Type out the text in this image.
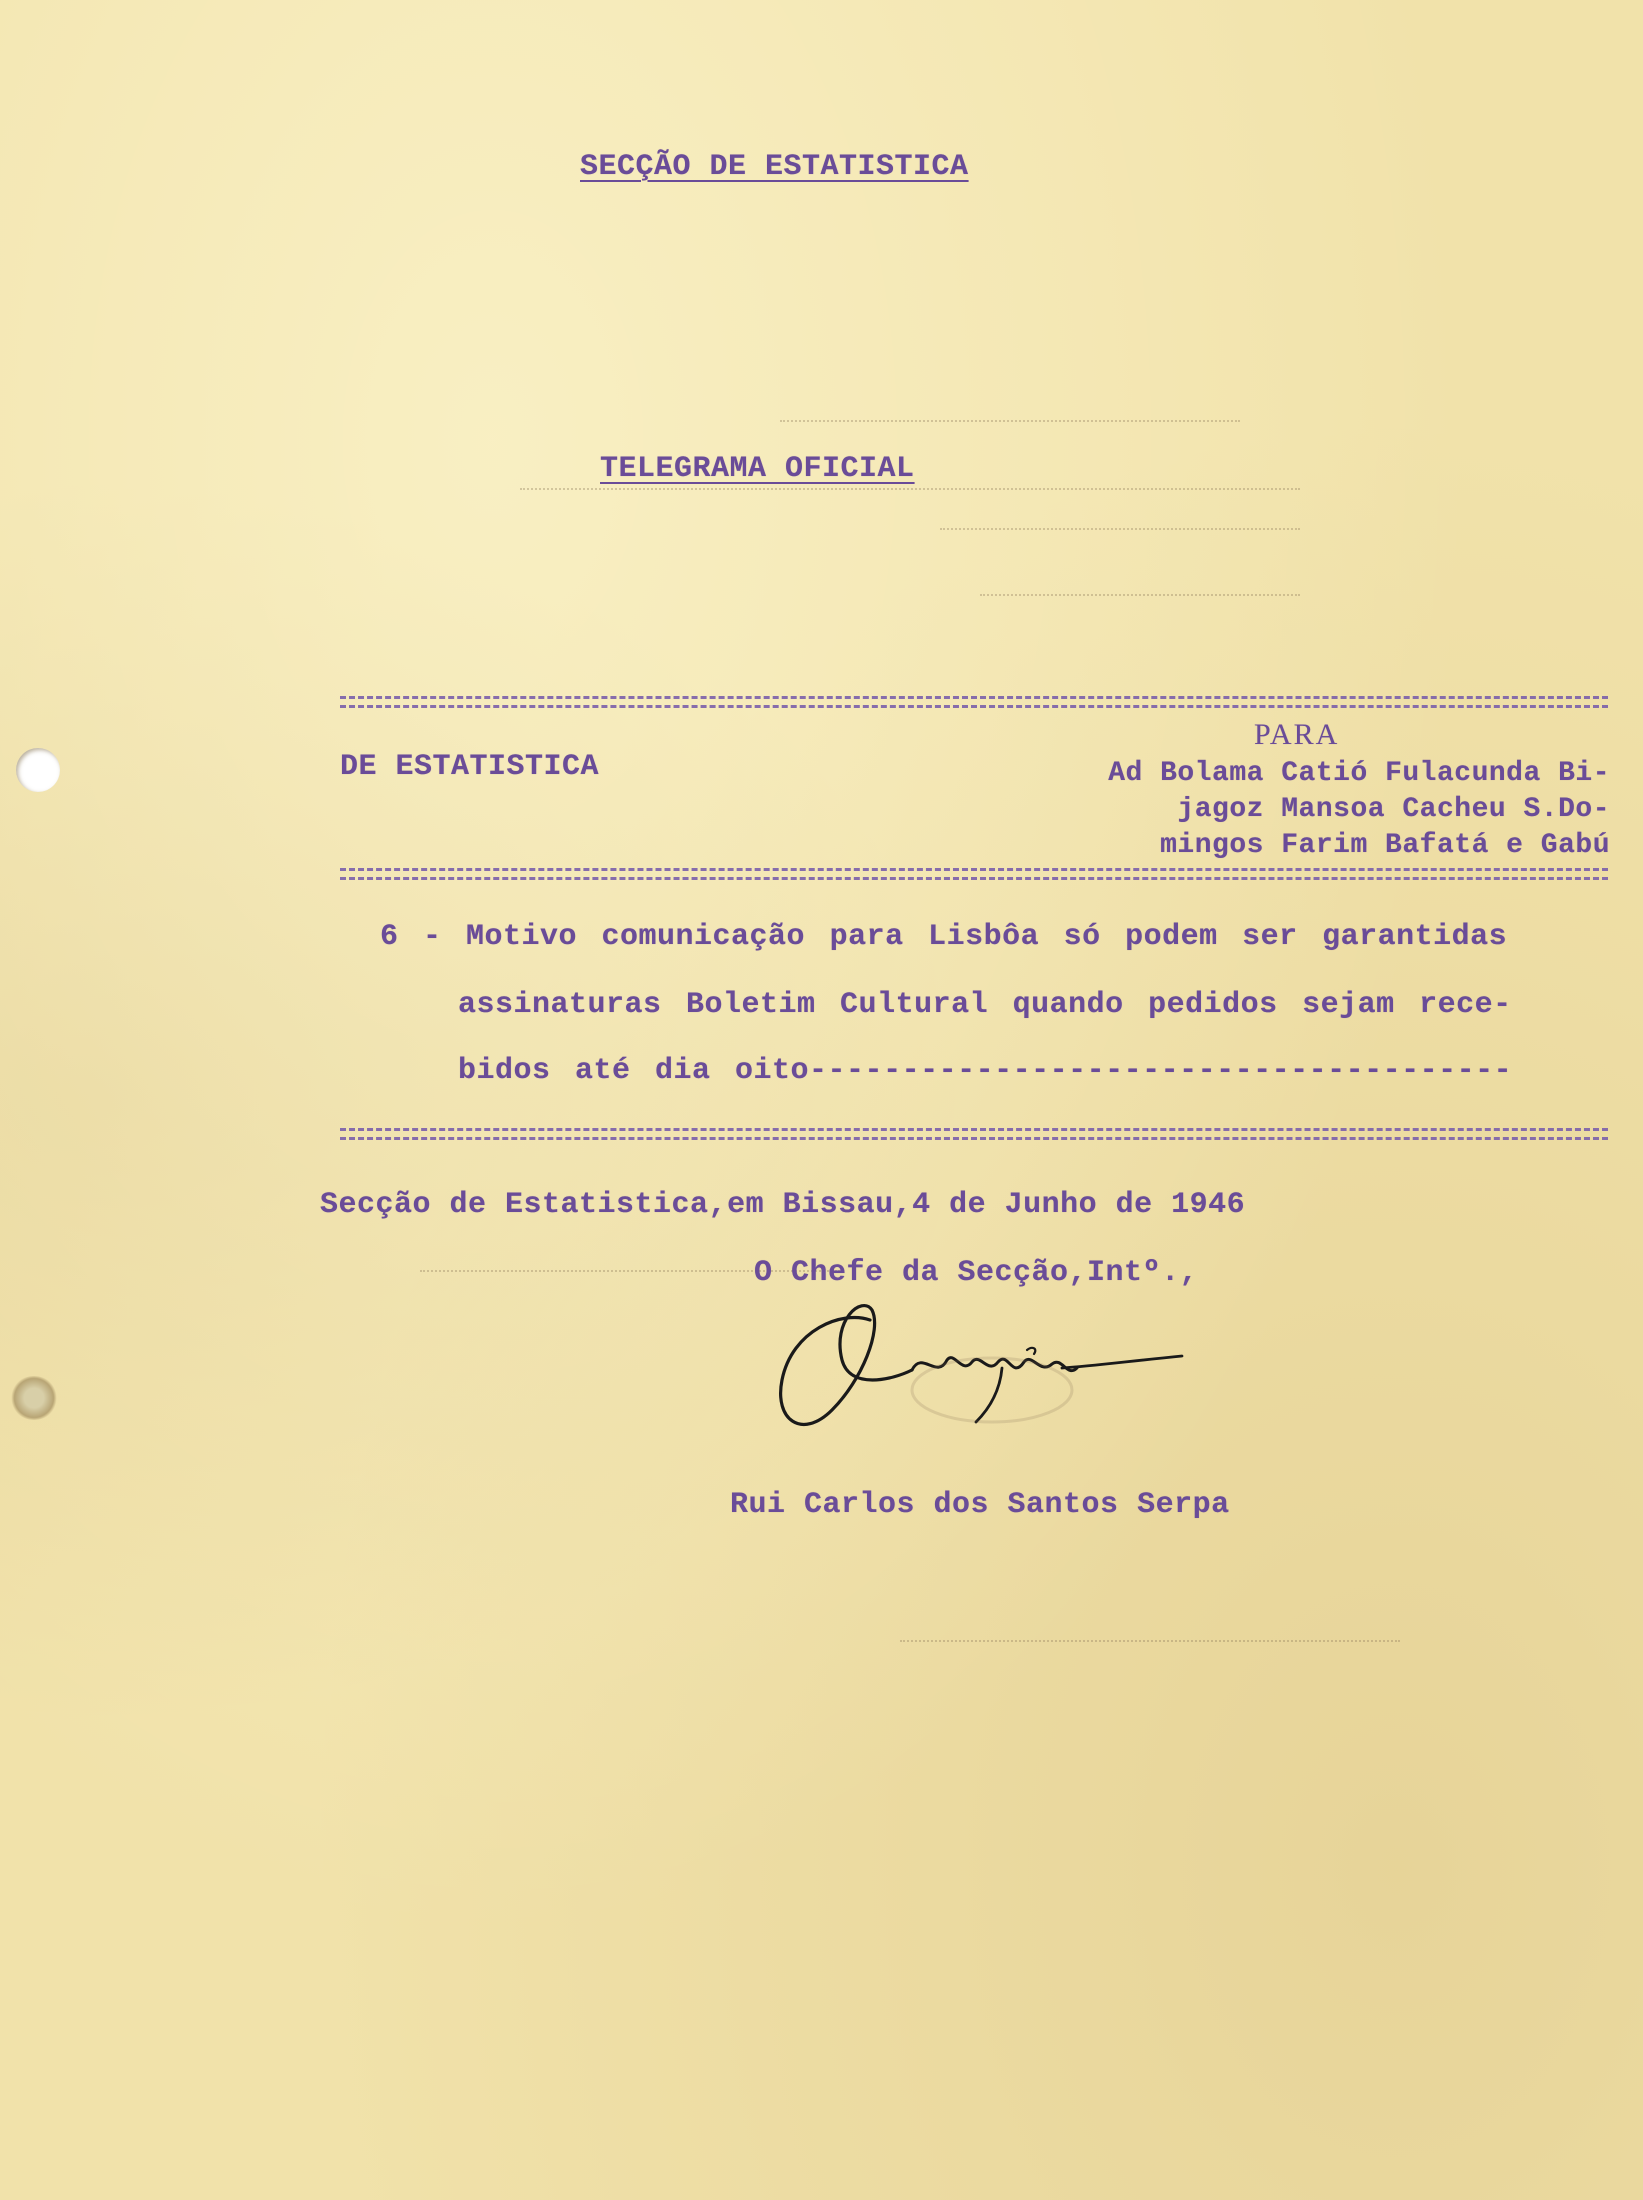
SECÇÃO DE ESTATISTICA
TELEGRAMA OFICIAL
DE ESTATISTICA
PARA
Ad Bolama Catió Fulacunda Bi-
jagoz Mansoa Cacheu S.Do-
mingos Farim Bafatá e Gabú
6 - Motivo comunicação para Lisbôa só podem ser garantidas
assinaturas Boletim Cultural quando pedidos sejam rece-
bidos até dia oito--------------------------------------
Secção de Estatistica,em Bissau,4 de Junho de 1946
O Chefe da Secção,Intº.,
Rui Carlos dos Santos Serpa
